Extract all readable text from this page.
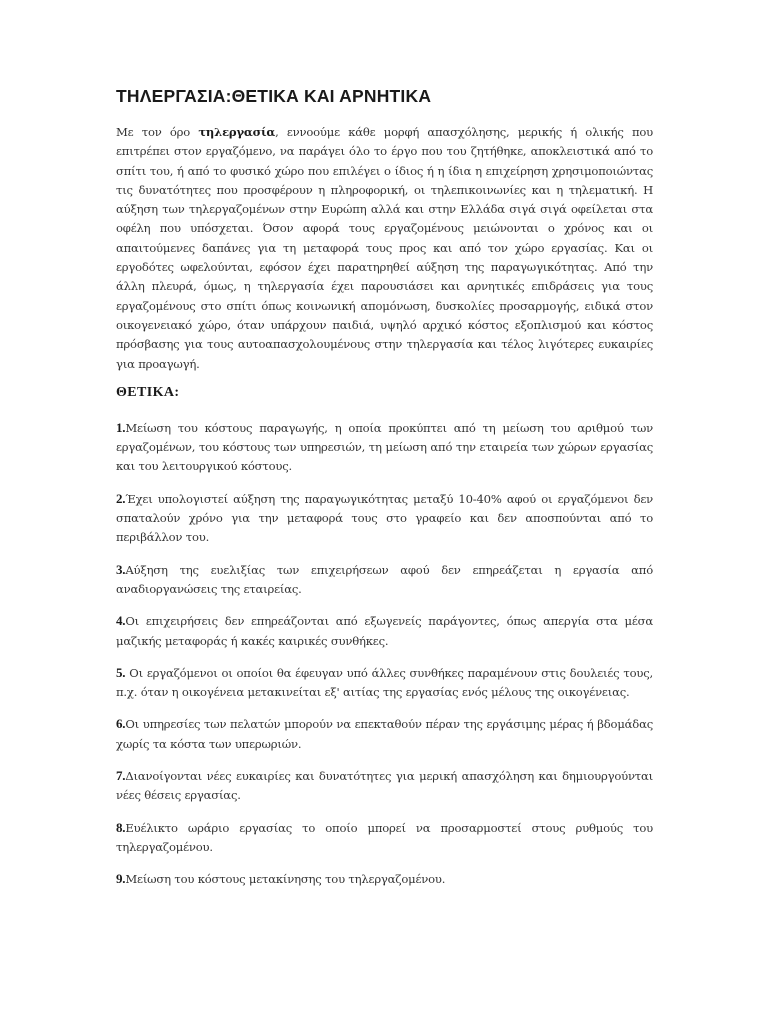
ΤΗΛΕΡΓΑΣΙΑ:ΘΕΤΙΚΑ ΚΑΙ ΑΡΝΗΤΙΚΑ

Με τον όρο τηλεργασία, εννοούμε κάθε μορφή απασχόλησης, μερικής ή ολικής που επιτρέπει στον εργαζόμενο, να παράγει όλο το έργο που του ζητήθηκε, αποκλειστικά από το σπίτι του, ή από το φυσικό χώρο που επιλέγει ο ίδιος ή η ίδια η επιχείρηση χρησιμοποιώντας τις δυνατότητες που προσφέρουν η πληροφορική, οι τηλεπικοινωνίες και η τηλεματική. Η αύξηση των τηλεργαζομένων στην Ευρώπη αλλά και στην Ελλάδα σιγά σιγά οφείλεται στα οφέλη που υπόσχεται. Όσον αφορά τους εργαζομένους μειώνονται ο χρόνος και οι απαιτούμενες δαπάνες για τη μεταφορά τους προς και από τον χώρο εργασίας. Και οι εργοδότες ωφελούνται, εφόσον έχει παρατηρηθεί αύξηση της παραγωγικότητας. Από την άλλη πλευρά, όμως, η τηλεργασία έχει παρουσιάσει και αρνητικές επιδράσεις για τους εργαζομένους στο σπίτι όπως κοινωνική απομόνωση, δυσκολίες προσαρμογής, ειδικά στον οικογενειακό χώρο, όταν υπάρχουν παιδιά, υψηλό αρχικό κόστος εξοπλισμού και κόστος πρόσβασης για τους αυτοαπασχολουμένους στην τηλεργασία και τέλος λιγότερες ευκαιρίες για προαγωγή.

ΘΕΤΙΚΑ:

1.Μείωση του κόστους παραγωγής, η οποία προκύπτει από τη μείωση του αριθμού των εργαζομένων, του κόστους των υπηρεσιών, τη μείωση από την εταιρεία των χώρων εργασίας και του λειτουργικού κόστους.

2.Έχει υπολογιστεί αύξηση της παραγωγικότητας μεταξύ 10-40% αφού οι εργαζόμενοι δεν σπαταλούν χρόνο για την μεταφορά τους στο γραφείο και δεν αποσπούνται από το περιβάλλον του.

3.Αύξηση της ευελιξίας των επιχειρήσεων αφού δεν επηρεάζεται η εργασία από αναδιοργανώσεις της εταιρείας.

4.Οι επιχειρήσεις δεν επηρεάζονται από εξωγενείς παράγοντες, όπως απεργία στα μέσα μαζικής μεταφοράς ή κακές καιρικές συνθήκες.

5. Οι εργαζόμενοι οι οποίοι θα έφευγαν υπό άλλες συνθήκες παραμένουν στις δουλειές τους, π.χ. όταν η οικογένεια μετακινείται εξ' αιτίας της εργασίας ενός μέλους της οικογένειας.

6.Οι υπηρεσίες των πελατών μπορούν να επεκταθούν πέραν της εργάσιμης μέρας ή βδομάδας χωρίς τα κόστα των υπερωριών.

7.Διανοίγονται νέες ευκαιρίες και δυνατότητες για μερική απασχόληση και δημιουργούνται νέες θέσεις εργασίας.

8.Ευέλικτο ωράριο εργασίας το οποίο μπορεί να προσαρμοστεί στους ρυθμούς του τηλεργαζομένου.

9.Μείωση του κόστους μετακίνησης του τηλεργαζομένου.
